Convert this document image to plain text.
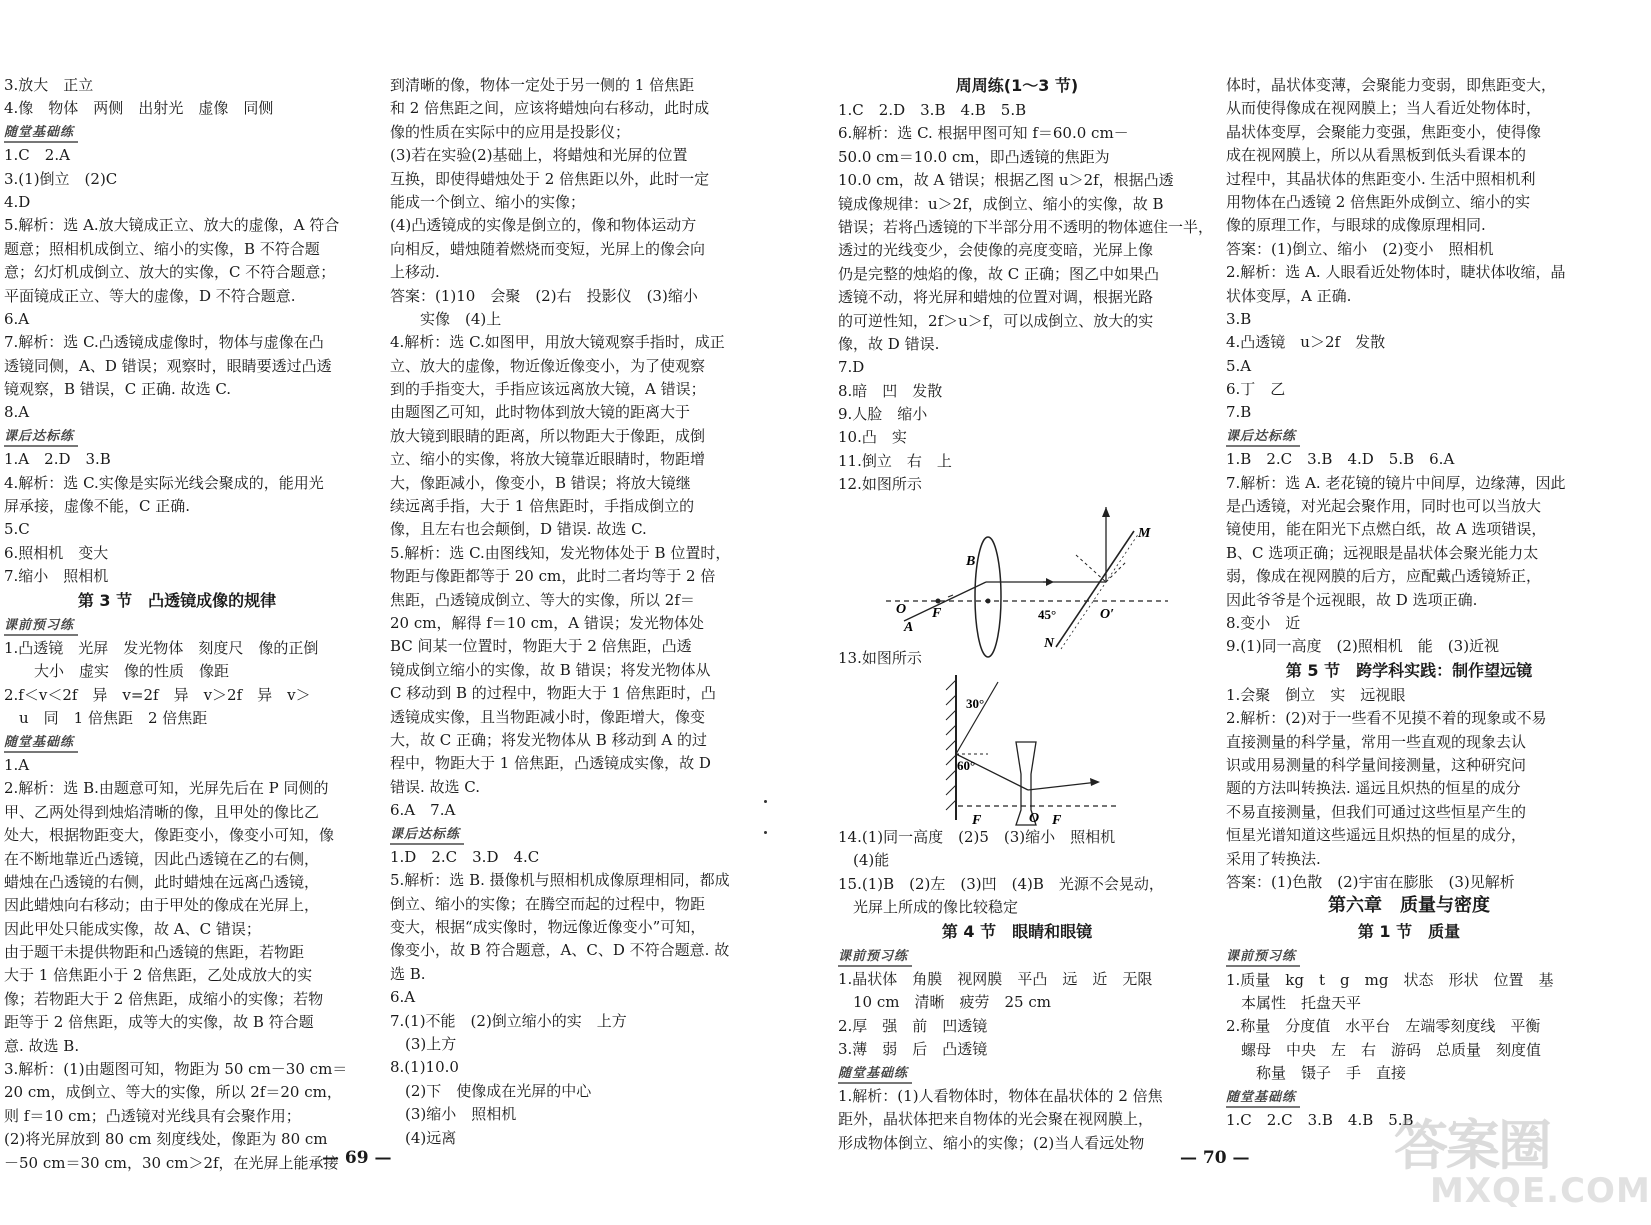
3.放大　正立
4.像　物体　两侧　出射光　虚像　同侧
随堂基础练
1.C　2.A
3.(1)倒立　(2)C
4.D
5.解析：选 A.放大镜成正立、放大的虚像，A 符合
题意；照相机成倒立、缩小的实像，B 不符合题
意；幻灯机成倒立、放大的实像，C 不符合题意；
平面镜成正立、等大的虚像，D 不符合题意.
6.A
7.解析：选 C.凸透镜成虚像时，物体与虚像在凸
透镜同侧，A、D 错误；观察时，眼睛要透过凸透
镜观察，B 错误，C 正确. 故选 C.
8.A
课后达标练
1.A　2.D　3.B
4.解析：选 C.实像是实际光线会聚成的，能用光
屏承接，虚像不能，C 正确.
5.C
6.照相机　变大
7.缩小　照相机
第 3 节　凸透镜成像的规律
课前预习练
1.凸透镜　光屏　发光物体　刻度尺　像的正倒
　　大小　虚实　像的性质　像距
2.f＜v＜2f　异　v=2f　异　v＞2f　异　v＞
　u　同　1 倍焦距　2 倍焦距
随堂基础练
1.A
2.解析：选 B.由题意可知，光屏先后在 P 同侧的
甲、乙两处得到烛焰清晰的像，且甲处的像比乙
处大，根据物距变大，像距变小，像变小可知，像
在不断地靠近凸透镜，因此凸透镜在乙的右侧，
蜡烛在凸透镜的右侧，此时蜡烛在远离凸透镜，
因此蜡烛向右移动；由于甲处的像成在光屏上，
因此甲处只能成实像，故 A、C 错误；
由于题干未提供物距和凸透镜的焦距，若物距
大于 1 倍焦距小于 2 倍焦距，乙处成放大的实
像；若物距大于 2 倍焦距，成缩小的实像；若物
距等于 2 倍焦距，成等大的实像，故 B 符合题
意. 故选 B.
3.解析：(1)由题图可知，物距为 50 cm－30 cm＝
20 cm，成倒立、等大的实像，所以 2f＝20 cm，
则 f＝10 cm；凸透镜对光线具有会聚作用；
(2)将光屏放到 80 cm 刻度线处，像距为 80 cm
－50 cm＝30 cm，30 cm＞2f，在光屏上能承接
到清晰的像，物体一定处于另一侧的 1 倍焦距
和 2 倍焦距之间，应该将蜡烛向右移动，此时成
像的性质在实际中的应用是投影仪；
(3)若在实验(2)基础上，将蜡烛和光屏的位置
互换，即使得蜡烛处于 2 倍焦距以外，此时一定
能成一个倒立、缩小的实像；
(4)凸透镜成的实像是倒立的，像和物体运动方
向相反，蜡烛随着燃烧而变短，光屏上的像会向
上移动.
答案：(1)10　会聚　(2)右　投影仪　(3)缩小
　　实像　(4)上
4.解析：选 C.如图甲，用放大镜观察手指时，成正
立、放大的虚像，物近像近像变小，为了使观察
到的手指变大，手指应该远离放大镜，A 错误；
由题图乙可知，此时物体到放大镜的距离大于
放大镜到眼睛的距离，所以物距大于像距，成倒
立、缩小的实像，将放大镜靠近眼睛时，物距增
大，像距减小，像变小，B 错误；将放大镜继
续远离手指，大于 1 倍焦距时，手指成倒立的
像，且左右也会颠倒，D 错误. 故选 C.
5.解析：选 C.由图线知，发光物体处于 B 位置时，
物距与像距都等于 20 cm，此时二者均等于 2 倍
焦距，凸透镜成倒立、等大的实像，所以 2f＝
20 cm，解得 f＝10 cm，A 错误；发光物体处
BC 间某一位置时，物距大于 2 倍焦距，凸透
镜成倒立缩小的实像，故 B 错误；将发光物体从
C 移动到 B 的过程中，物距大于 1 倍焦距时，凸
透镜成实像，且当物距减小时，像距增大，像变
大，故 C 正确；将发光物体从 B 移动到 A 的过
程中，物距大于 1 倍焦距，凸透镜成实像，故 D
错误. 故选 C.
6.A　7.A
课后达标练
1.D　2.C　3.D　4.C
5.解析：选 B. 摄像机与照相机成像原理相同，都成
倒立、缩小的实像；在腾空而起的过程中，物距
变大，根据“成实像时，物远像近像变小”可知，
像变小，故 B 符合题意，A、C、D 不符合题意. 故
选 B.
6.A
7.(1)不能　(2)倒立缩小的实　上方
　(3)上方
8.(1)10.0
　(2)下　使像成在光屏的中心
　(3)缩小　照相机
　(4)远离
周周练(1～3 节)
1.C　2.D　3.B　4.B　5.B
6.解析：选 C. 根据甲图可知 f＝60.0 cm－
50.0 cm＝10.0 cm，即凸透镜的焦距为
10.0 cm，故 A 错误；根据乙图 u＞2f，根据凸透
镜成像规律：u＞2f，成倒立、缩小的实像，故 B
错误；若将凸透镜的下半部分用不透明的物体遮住一半，
透过的光线变少，会使像的亮度变暗，光屏上像
仍是完整的烛焰的像，故 C 正确；图乙中如果凸
透镜不动，将光屏和蜡烛的位置对调，根据光路
的可逆性知，2f＞u＞f，可以成倒立、放大的实
像，故 D 错误.
7.D
8.暗　凹　发散
9.人脸　缩小
10.凸　实
11.倒立　右　上
12.如图所示
B
M
O
A
F	45°	O′
N
13.如图所示
30°
60°
F	O F
14.(1)同一高度　(2)5　(3)缩小　照相机
　(4)能
15.(1)B　(2)左　(3)凹　(4)B　光源不会晃动，
　光屏上所成的像比较稳定
第 4 节　眼睛和眼镜
课前预习练
1.晶状体　角膜　视网膜　平凸　远　近　无限
　10 cm　清晰　疲劳　25 cm
2.厚　强　前　凹透镜
3.薄　弱　后　凸透镜
随堂基础练
1.解析：(1)人看物体时，物体在晶状体的 2 倍焦
距外，晶状体把来自物体的光会聚在视网膜上，
形成物体倒立、缩小的实像；(2)当人看远处物
体时，晶状体变薄，会聚能力变弱，即焦距变大，
从而使得像成在视网膜上；当人看近处物体时，
晶状体变厚，会聚能力变强，焦距变小，使得像
成在视网膜上，所以从看黑板到低头看课本的
过程中，其晶状体的焦距变小. 生活中照相机利
用物体在凸透镜 2 倍焦距外成倒立、缩小的实
像的原理工作，与眼球的成像原理相同.
答案：(1)倒立、缩小　(2)变小　照相机
2.解析：选 A. 人眼看近处物体时，睫状体收缩，晶
状体变厚，A 正确.
3.B
4.凸透镜　u＞2f　发散
5.A
6.丁　乙
7.B
课后达标练
1.B　2.C　3.B　4.D　5.B　6.A
7.解析：选 A. 老花镜的镜片中间厚，边缘薄，因此
是凸透镜，对光起会聚作用，同时也可以当放大
镜使用，能在阳光下点燃白纸，故 A 选项错误，
B、C 选项正确；远视眼是晶状体会聚光能力太
弱，像成在视网膜的后方，应配戴凸透镜矫正，
因此爷爷是个远视眼，故 D 选项正确.
8.变小　近
9.(1)同一高度　(2)照相机　能　(3)近视
第 5 节　跨学科实践：制作望远镜
1.会聚　倒立　实　远视眼
2.解析：(2)对于一些看不见摸不着的现象或不易
直接测量的科学量，常用一些直观的现象去认
识或用易测量的科学量间接测量，这种研究问
题的方法叫转换法. 遥远且炽热的恒星的成分
不易直接测量，但我们可通过这些恒星产生的
恒星光谱知道这些遥远且炽热的恒星的成分，
采用了转换法.
答案：(1)色散　(2)宇宙在膨胀　(3)见解析
第六章　质量与密度
第 1 节　质量
课前预习练
1.质量　kg　t　g　mg　状态　形状　位置　基
　本属性　托盘天平
2.称量　分度值　水平台　左端零刻度线　平衡
　螺母　中央　左　右　游码　总质量　刻度值
　　称量　镊子　手　直接
随堂基础练
1.C　2.C　3.B　4.B　5.B
— 69 —	— 70 —	答案圈
MXQE.COM
